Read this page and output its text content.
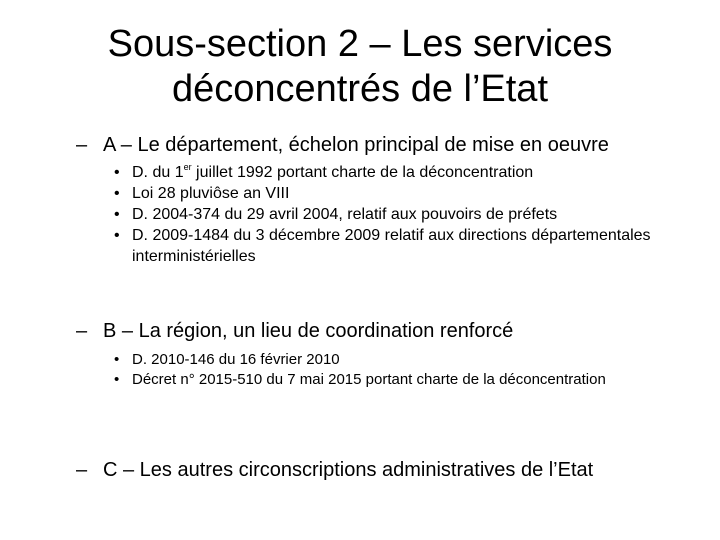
Sous-section 2 – Les services
déconcentrés de l’Etat
– A – Le département, échelon principal de mise en oeuvre
• D. du 1er juillet 1992 portant charte de la déconcentration
• Loi 28 pluviôse an VIII
• D. 2004-374 du 29 avril 2004, relatif aux pouvoirs de préfets
• D. 2009-1484 du 3 décembre 2009 relatif aux directions départementales interministérielles
– B – La région, un lieu de coordination renforcé
• D. 2010-146 du 16 février 2010
• Décret n° 2015-510 du 7 mai 2015 portant charte de la déconcentration
– C – Les autres circonscriptions administratives de l’Etat
